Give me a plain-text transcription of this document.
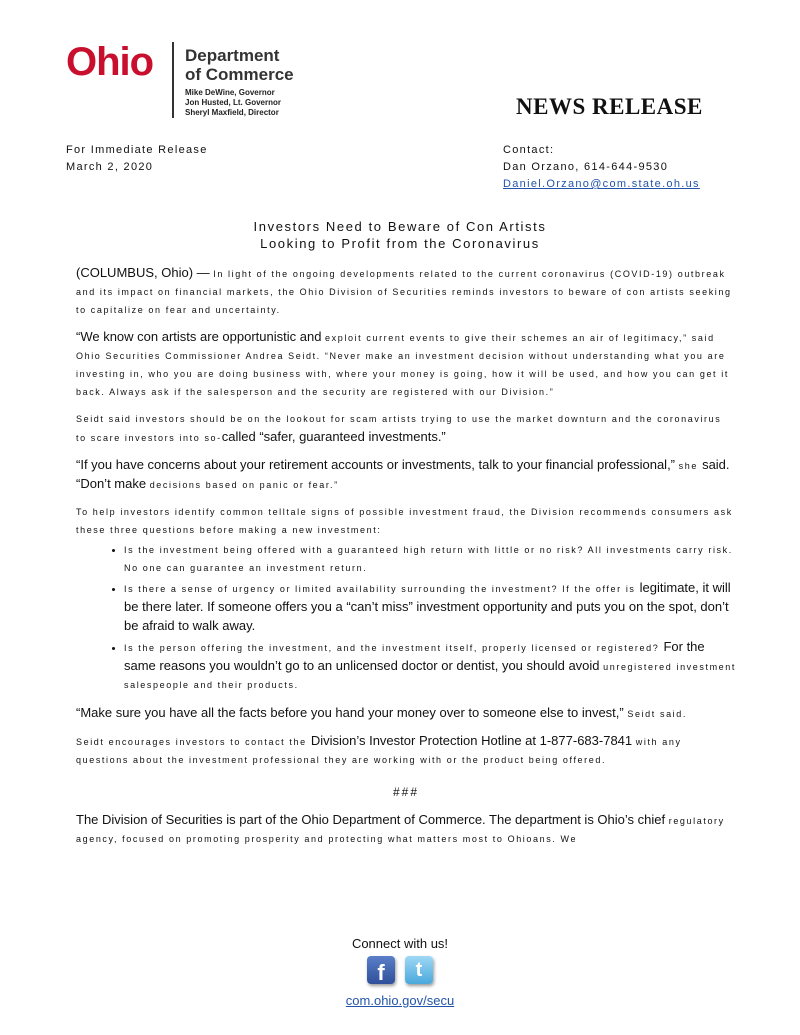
Ohio Department
of Commerce
Mike DeWine, Governor
Jon Husted, Lt. Governor
Sheryl Maxfield, Director	NEWS RELEASE
For Immediate Release
March 2, 2020
Contact:
Dan Orzano, 614-644-9530
Daniel.Orzano@com.state.oh.us
Investors Need to Beware of Con Artists
Looking to Profit from the Coronavirus

(COLUMBUS, Ohio) — In light of the ongoing developments related to the current coronavirus (COVID-19) outbreak and its impact on financial markets, the Ohio Division of Securities reminds investors to beware of con artists seeking to capitalize on fear and uncertainty.

“We know con artists are opportunistic and exploit current events to give their schemes an air of legitimacy,” said Ohio Securities Commissioner Andrea Seidt. “Never make an investment decision without understanding what you are investing in, who you are doing business with, where your money is going, how it will be used, and how you can get it back. Always ask if the salesperson and the security are registered with our Division.”

Seidt said investors should be on the lookout for scam artists trying to use the market downturn and the coronavirus to scare investors into so-called “safer, guaranteed investments.”

“If you have concerns about your retirement accounts or investments, talk to your financial professional,” she said. “Don’t make decisions based on panic or fear.”

To help investors identify common telltale signs of possible investment fraud, the Division recommends consumers ask these three questions before making a new investment:

• Is the investment being offered with a guaranteed high return with little or no risk? All investments carry risk. No one can guarantee an investment return.
• Is there a sense of urgency or limited availability surrounding the investment? If the offer is legitimate, it will be there later. If someone offers you a “can’t miss” investment opportunity and puts you on the spot, don’t be afraid to walk away.
• Is the person offering the investment, and the investment itself, properly licensed or registered? For the same reasons you wouldn’t go to an unlicensed doctor or dentist, you should avoid unregistered investment salespeople and their products.

“Make sure you have all the facts before you hand your money over to someone else to invest,” Seidt said.

Seidt encourages investors to contact the Division’s Investor Protection Hotline at 1-877-683-7841 with any questions about the investment professional they are working with or the product being offered.

###

The Division of Securities is part of the Ohio Department of Commerce. The department is Ohio’s chief regulatory agency, focused on promoting prosperity and protecting what matters most to Ohioans. We

Connect with us!
f	t
com.ohio.gov/secu
